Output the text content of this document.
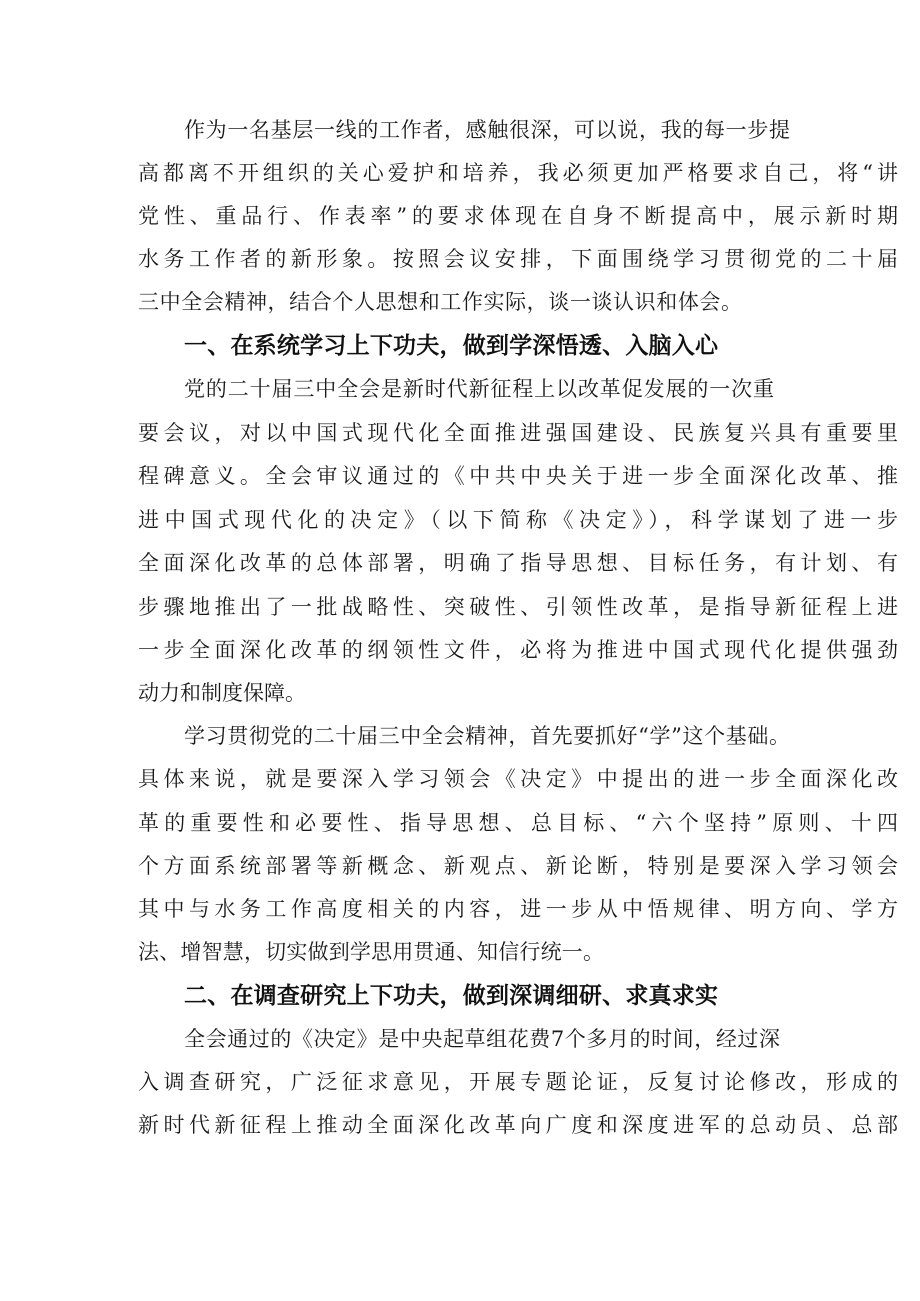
作为一名基层一线的工作者，感触很深，可以说，我的每一步提
高都离不开组织的关心爱护和培养，我必须更加严格要求自己，将“讲
党性、重品行、作表率”的要求体现在自身不断提高中，展示新时期
水务工作者的新形象。按照会议安排，下面围绕学习贯彻党的二十届
三中全会精神，结合个人思想和工作实际，谈一谈认识和体会。
一、在系统学习上下功夫，做到学深悟透、入脑入心
党的二十届三中全会是新时代新征程上以改革促发展的一次重
要会议，对以中国式现代化全面推进强国建设、民族复兴具有重要里
程碑意义。全会审议通过的《中共中央关于进一步全面深化改革、推
进中国式现代化的决定》（以下简称《决定》），科学谋划了进一步
全面深化改革的总体部署，明确了指导思想、目标任务，有计划、有
步骤地推出了一批战略性、突破性、引领性改革，是指导新征程上进
一步全面深化改革的纲领性文件，必将为推进中国式现代化提供强劲
动力和制度保障。
学习贯彻党的二十届三中全会精神，首先要抓好“学”这个基础。
具体来说，就是要深入学习领会《决定》中提出的进一步全面深化改
革的重要性和必要性、指导思想、总目标、“六个坚持”原则、十四
个方面系统部署等新概念、新观点、新论断，特别是要深入学习领会
其中与水务工作高度相关的内容，进一步从中悟规律、明方向、学方
法、增智慧，切实做到学思用贯通、知信行统一。
二、在调查研究上下功夫，做到深调细研、求真求实
全会通过的《决定》是中央起草组花费7个多月的时间，经过深
入调查研究，广泛征求意见，开展专题论证，反复讨论修改，形成的
新时代新征程上推动全面深化改革向广度和深度进军的总动员、总部
